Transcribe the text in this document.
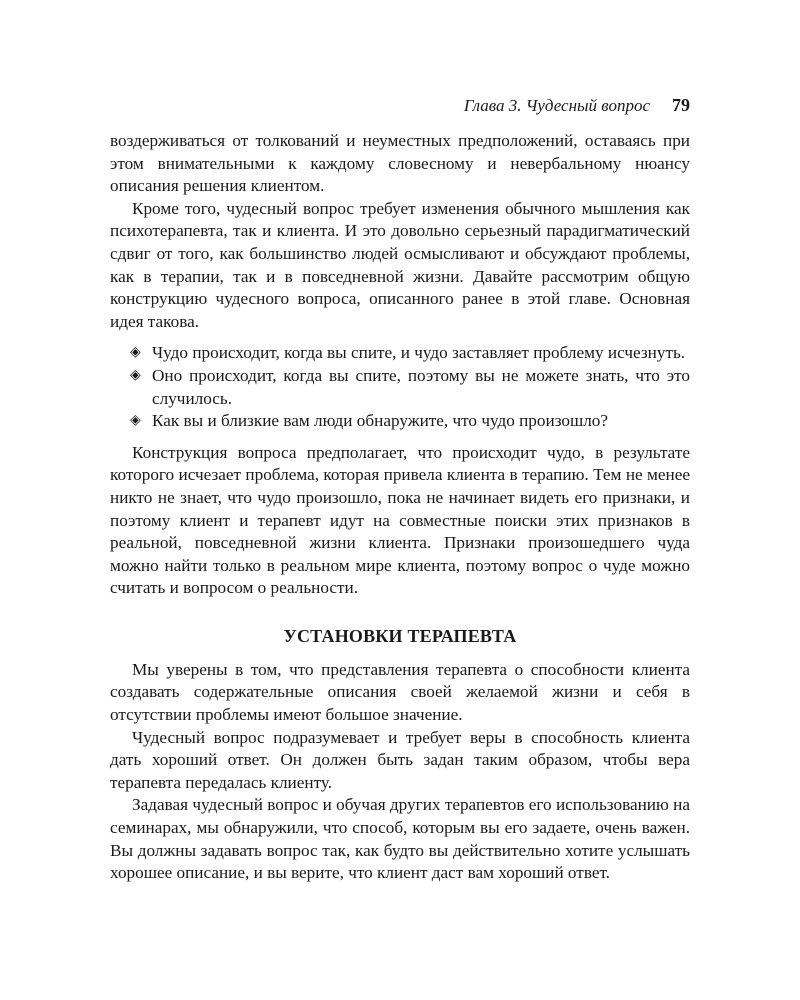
Глава 3. Чудесный вопрос 79

воздерживаться от толкований и неуместных предположений, оставаясь при этом внимательными к каждому словесному и невербальному нюансу описания решения клиентом.

Кроме того, чудесный вопрос требует изменения обычного мышления как психотерапевта, так и клиента. И это довольно серьезный парадигматический сдвиг от того, как большинство людей осмысливают и обсуждают проблемы, как в терапии, так и в повседневной жизни. Давайте рассмотрим общую конструкцию чудесного вопроса, описанного ранее в этой главе. Основная идея такова.

◈ Чудо происходит, когда вы спите, и чудо заставляет проблему исчезнуть.
◈ Оно происходит, когда вы спите, поэтому вы не можете знать, что это случилось.
◈ Как вы и близкие вам люди обнаружите, что чудо произошло?

Конструкция вопроса предполагает, что происходит чудо, в результате которого исчезает проблема, которая привела клиента в терапию. Тем не менее никто не знает, что чудо произошло, пока не начинает видеть его признаки, и поэтому клиент и терапевт идут на совместные поиски этих признаков в реальной, повседневной жизни клиента. Признаки произошедшего чуда можно найти только в реальном мире клиента, поэтому вопрос о чуде можно считать и вопросом о реальности.

УСТАНОВКИ ТЕРАПЕВТА

Мы уверены в том, что представления терапевта о способности клиента создавать содержательные описания своей желаемой жизни и себя в отсутствии проблемы имеют большое значение.

Чудесный вопрос подразумевает и требует веры в способность клиента дать хороший ответ. Он должен быть задан таким образом, чтобы вера терапевта передалась клиенту.

Задавая чудесный вопрос и обучая других терапевтов его использованию на семинарах, мы обнаружили, что способ, которым вы его задаете, очень важен. Вы должны задавать вопрос так, как будто вы действительно хотите услышать хорошее описание, и вы верите, что клиент даст вам хороший ответ.
